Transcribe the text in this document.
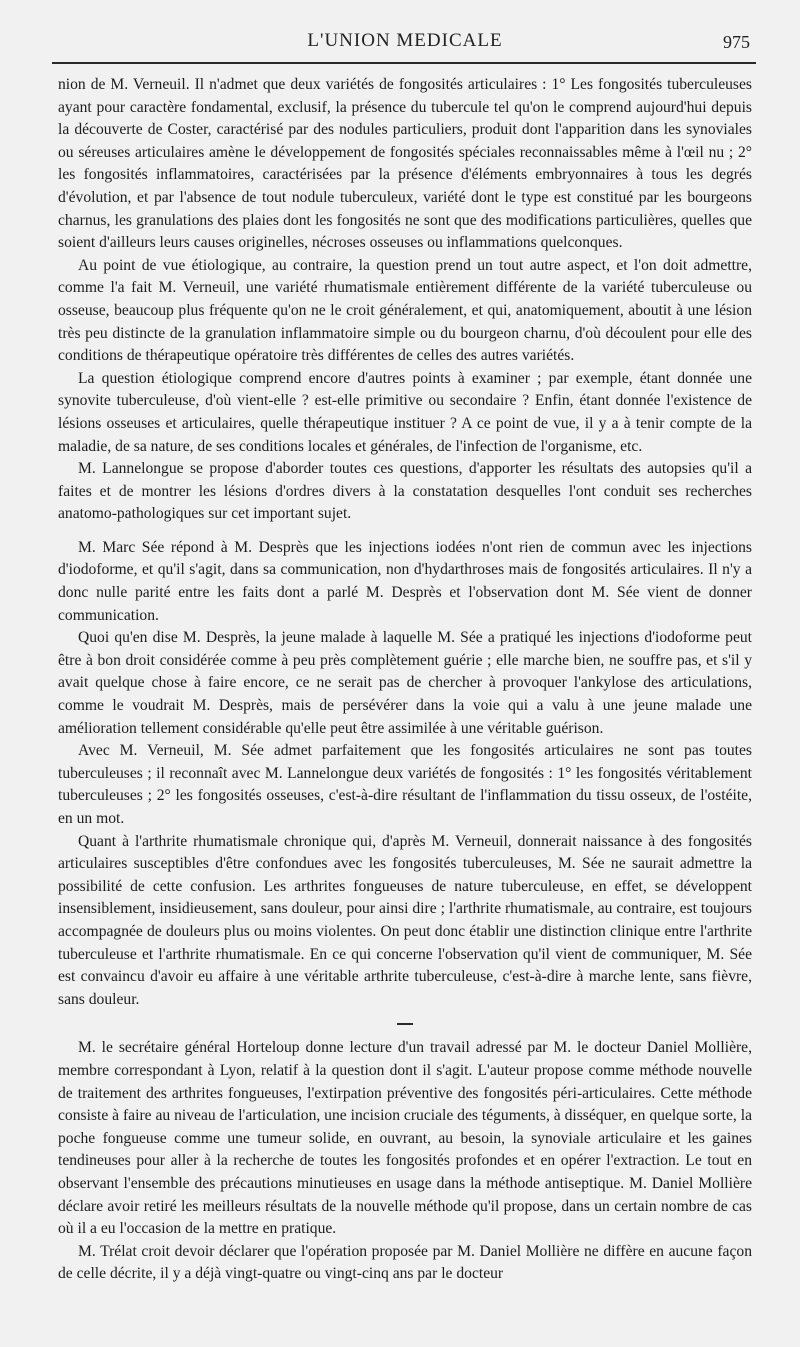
L'UNION MEDICALE	975

nion de M. Verneuil. Il n'admet que deux variétés de fongosités articulaires : 1° Les fongosités tuberculeuses ayant pour caractère fondamental, exclusif, la présence du tubercule tel qu'on le comprend aujourd'hui depuis la découverte de Coster, caractérisé par des nodules particuliers, produit dont l'apparition dans les synoviales ou séreuses articulaires amène le développement de fongosités spéciales reconnaissables même à l'œil nu ; 2° les fongosités inflammatoires, caractérisées par la présence d'éléments embryonnaires à tous les degrés d'évolution, et par l'absence de tout nodule tuberculeux, variété dont le type est constitué par les bourgeons charnus, les granulations des plaies dont les fongosités ne sont que des modifications particulières, quelles que soient d'ailleurs leurs causes originelles, nécroses osseuses ou inflammations quelconques.

Au point de vue étiologique, au contraire, la question prend un tout autre aspect, et l'on doit admettre, comme l'a fait M. Verneuil, une variété rhumatismale entièrement différente de la variété tuberculeuse ou osseuse, beaucoup plus fréquente qu'on ne le croit généralement, et qui, anatomiquement, aboutit à une lésion très peu distincte de la granulation inflammatoire simple ou du bourgeon charnu, d'où découlent pour elle des conditions de thérapeutique opératoire très différentes de celles des autres variétés.

La question étiologique comprend encore d'autres points à examiner ; par exemple, étant donnée une synovite tuberculeuse, d'où vient-elle ? est-elle primitive ou secondaire ? Enfin, étant donnée l'existence de lésions osseuses et articulaires, quelle thérapeutique instituer ? A ce point de vue, il y a à tenir compte de la maladie, de sa nature, de ses conditions locales et générales, de l'infection de l'organisme, etc.

M. Lannelongue se propose d'aborder toutes ces questions, d'apporter les résultats des autopsies qu'il a faites et de montrer les lésions d'ordres divers à la constatation desquelles l'ont conduit ses recherches anatomo-pathologiques sur cet important sujet.

M. Marc Sée répond à M. Desprès que les injections iodées n'ont rien de commun avec les injections d'iodoforme, et qu'il s'agit, dans sa communication, non d'hydarthroses mais de fongosités articulaires. Il n'y a donc nulle parité entre les faits dont a parlé M. Desprès et l'observation dont M. Sée vient de donner communication.

Quoi qu'en dise M. Desprès, la jeune malade à laquelle M. Sée a pratiqué les injections d'iodoforme peut être à bon droit considérée comme à peu près complètement guérie ; elle marche bien, ne souffre pas, et s'il y avait quelque chose à faire encore, ce ne serait pas de chercher à provoquer l'ankylose des articulations, comme le voudrait M. Desprès, mais de persévérer dans la voie qui a valu à une jeune malade une amélioration tellement considérable qu'elle peut être assimilée à une véritable guérison.

Avec M. Verneuil, M. Sée admet parfaitement que les fongosités articulaires ne sont pas toutes tuberculeuses ; il reconnaît avec M. Lannelongue deux variétés de fongosités : 1° les fongosités véritablement tuberculeuses ; 2° les fongosités osseuses, c'est-à-dire résultant de l'inflammation du tissu osseux, de l'ostéite, en un mot.

Quant à l'arthrite rhumatismale chronique qui, d'après M. Verneuil, donnerait naissance à des fongosités articulaires susceptibles d'être confondues avec les fongosités tuberculeuses, M. Sée ne saurait admettre la possibilité de cette confusion. Les arthrites fongueuses de nature tuberculeuse, en effet, se développent insensiblement, insidieusement, sans douleur, pour ainsi dire ; l'arthrite rhumatismale, au contraire, est toujours accompagnée de douleurs plus ou moins violentes. On peut donc établir une distinction clinique entre l'arthrite tuberculeuse et l'arthrite rhumatismale. En ce qui concerne l'observation qu'il vient de communiquer, M. Sée est convaincu d'avoir eu affaire à une véritable arthrite tuberculeuse, c'est-à-dire à marche lente, sans fièvre, sans douleur.

M. le secrétaire général Horteloup donne lecture d'un travail adressé par M. le docteur Daniel Mollière, membre correspondant à Lyon, relatif à la question dont il s'agit. L'auteur propose comme méthode nouvelle de traitement des arthrites fongueuses, l'extirpation préventive des fongosités péri-articulaires. Cette méthode consiste à faire au niveau de l'articulation, une incision cruciale des téguments, à disséquer, en quelque sorte, la poche fongueuse comme une tumeur solide, en ouvrant, au besoin, la synoviale articulaire et les gaines tendineuses pour aller à la recherche de toutes les fongosités profondes et en opérer l'extraction. Le tout en observant l'ensemble des précautions minutieuses en usage dans la méthode antiseptique. M. Daniel Mollière déclare avoir retiré les meilleurs résultats de la nouvelle méthode qu'il propose, dans un certain nombre de cas où il a eu l'occasion de la mettre en pratique.

M. Trélat croit devoir déclarer que l'opération proposée par M. Daniel Mollière ne diffère en aucune façon de celle décrite, il y a déjà vingt-quatre ou vingt-cinq ans par le docteur
